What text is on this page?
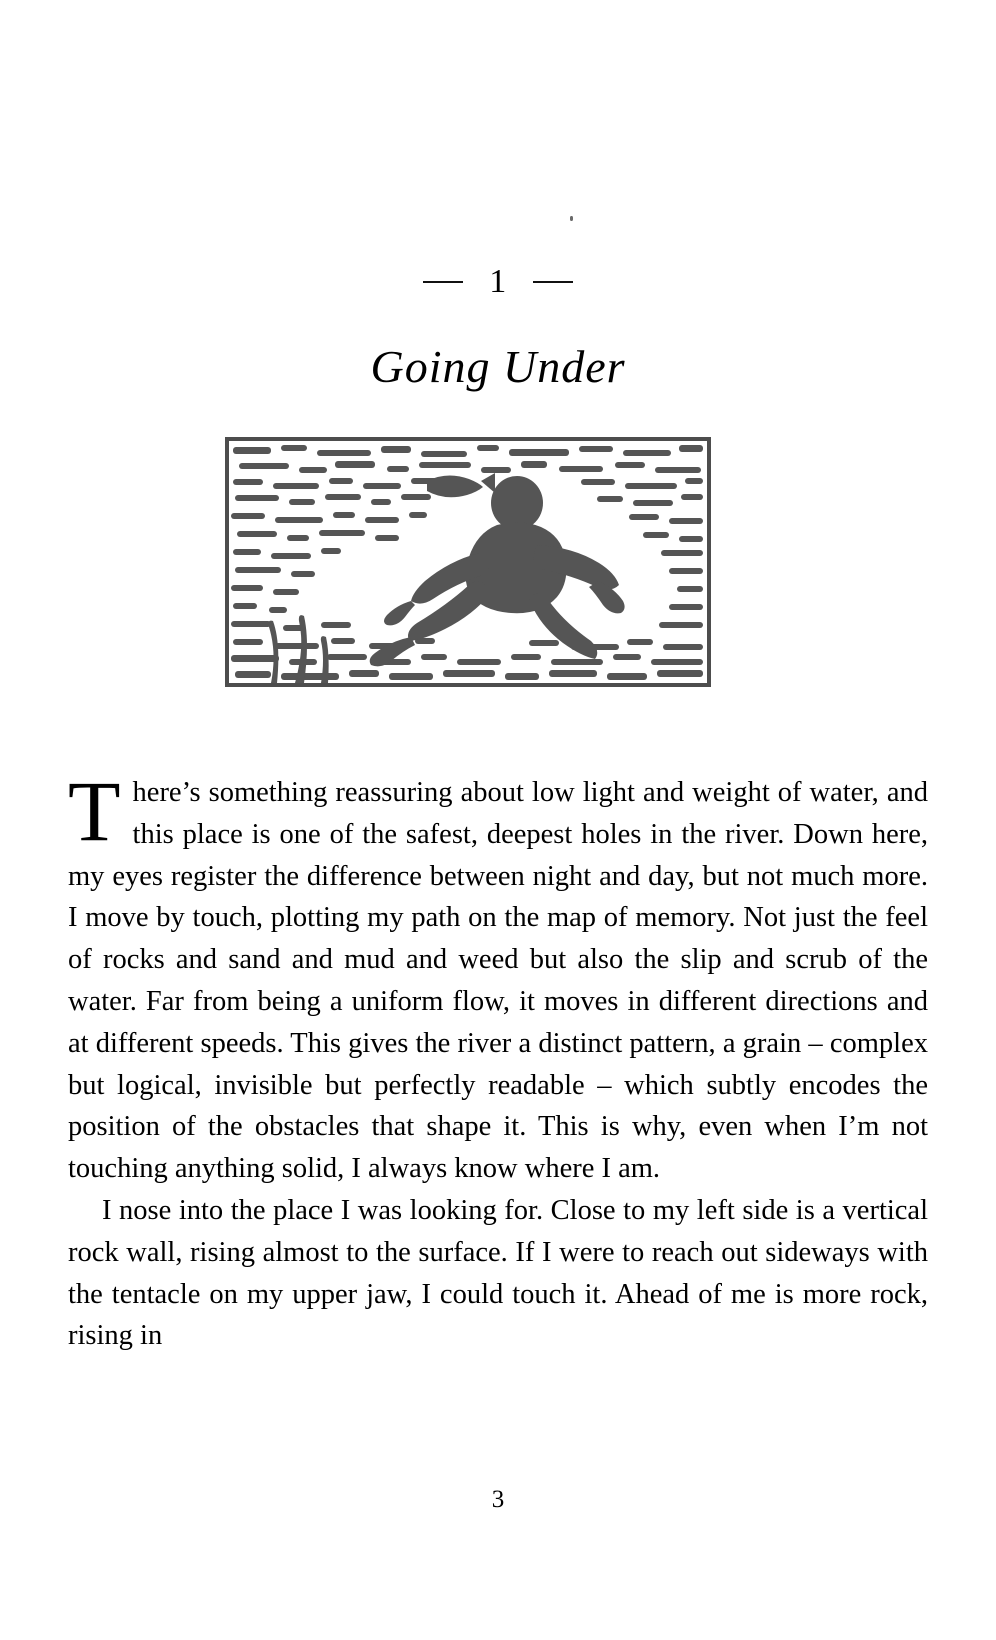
1
Going Under

There’s something reassuring about low light and weight of water, and this place is one of the safest, deepest holes in the river. Down here, my eyes register the difference between night and day, but not much more. I move by touch, plotting my path on the map of memory. Not just the feel of rocks and sand and mud and weed but also the slip and scrub of the water. Far from being a uniform flow, it moves in different directions and at different speeds. This gives the river a distinct pattern, a grain – complex but logical, invisible but perfectly readable – which subtly encodes the position of the obstacles that shape it. This is why, even when I’m not touching anything solid, I always know where I am.

I nose into the place I was looking for. Close to my left side is a vertical rock wall, rising almost to the surface. If I were to reach out sideways with the tentacle on my upper jaw, I could touch it. Ahead of me is more rock, rising in

3
